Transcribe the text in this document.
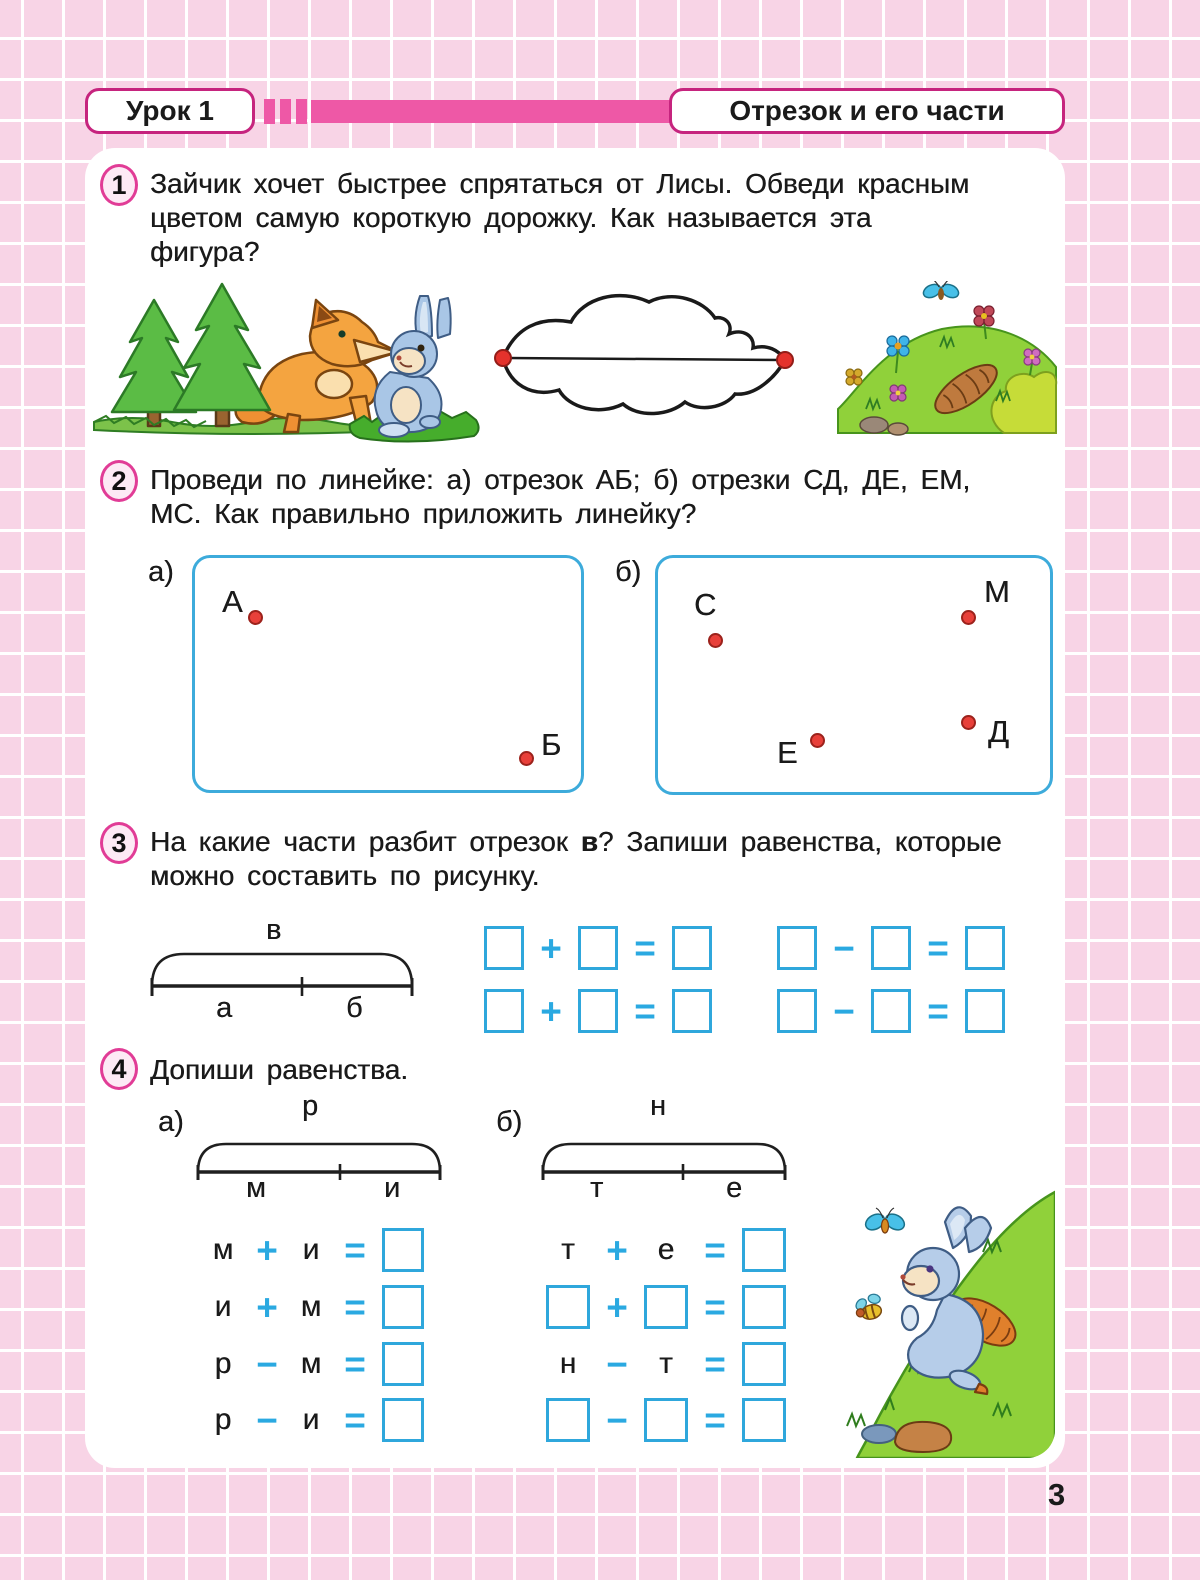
Урок 1	Отрезок и его части
1 Зайчик хочет быстрее спрятаться от Лисы. Обведи красным
цветом самую короткую дорожку. Как называется эта
фигура?
2 Проведи по линейке: а) отрезок АБ; б) отрезки СД, ДЕ, ЕМ,
МС. Как правильно приложить линейку?
а)
А
Б
б)
С	М
Д
Е
3 На какие части разбит отрезок в? Запиши равенства, которые
можно составить по рисунку.
в
а	б
+ =
+ =
− =
− =
4 Допиши равенства.
а)	р
м	и
б)	н
т	е
м + и =
и + м =
р − м =
р − и =
т + е =
+ =
н −	т =
− =
3
